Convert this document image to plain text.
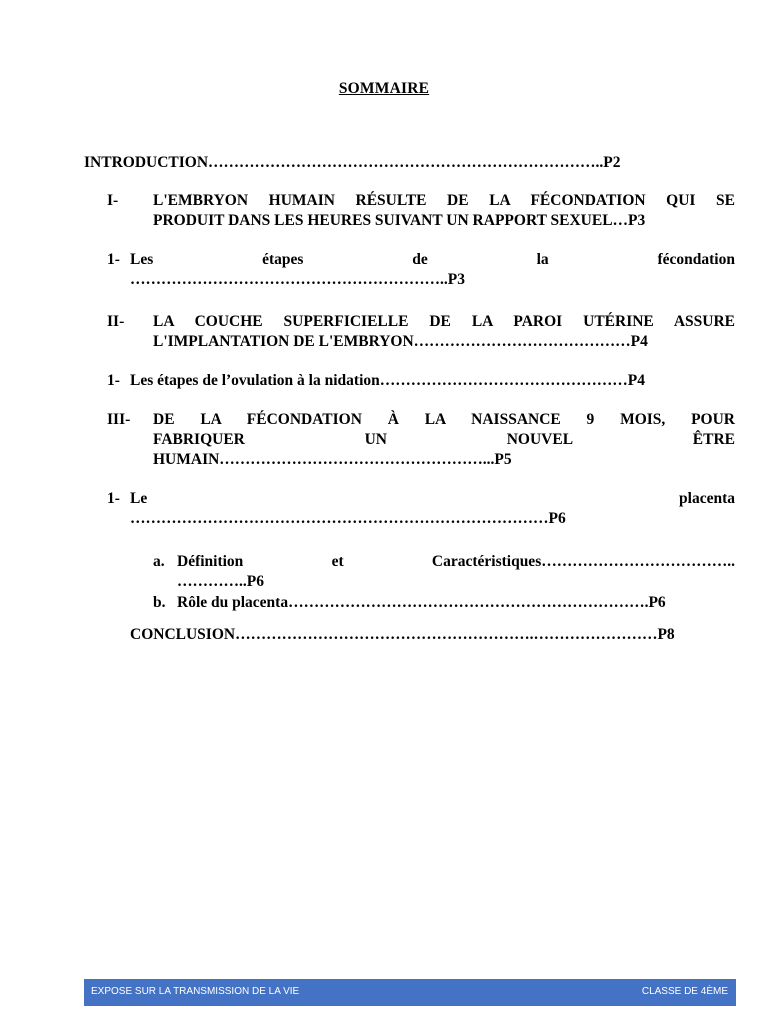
SOMMAIRE
INTRODUCTION…………………………………………………………………..P2
I- L'EMBRYON HUMAIN RÉSULTE DE LA FÉCONDATION QUI SE
PRODUIT DANS LES HEURES SUIVANT UN RAPPORT SEXUEL…P3
1- Les	étapes	de	la	fécondation
……………………………………………………..P3
II- LA COUCHE SUPERFICIELLE DE LA PAROI UTÉRINE ASSURE
L'IMPLANTATION DE L'EMBRYON……………………………………P4
1- Les étapes de l’ovulation à la nidation…………………………………………P4
III- DE LA FÉCONDATION À LA NAISSANCE 9 MOIS, POUR
FABRIQUER	UN	NOUVEL	ÊTRE
HUMAIN……………………………………………...P5
1- Le	placenta
………………………………………………………………………P6
a. Définition	et	Caractéristiques………………………………..
…………..P6
b. Rôle du placenta…………………………………………………………….P6
CONCLUSION………………………………………………….……………………P8
EXPOSE SUR LA TRANSMISSION DE LA VIE	CLASSE DE 4ÈME
